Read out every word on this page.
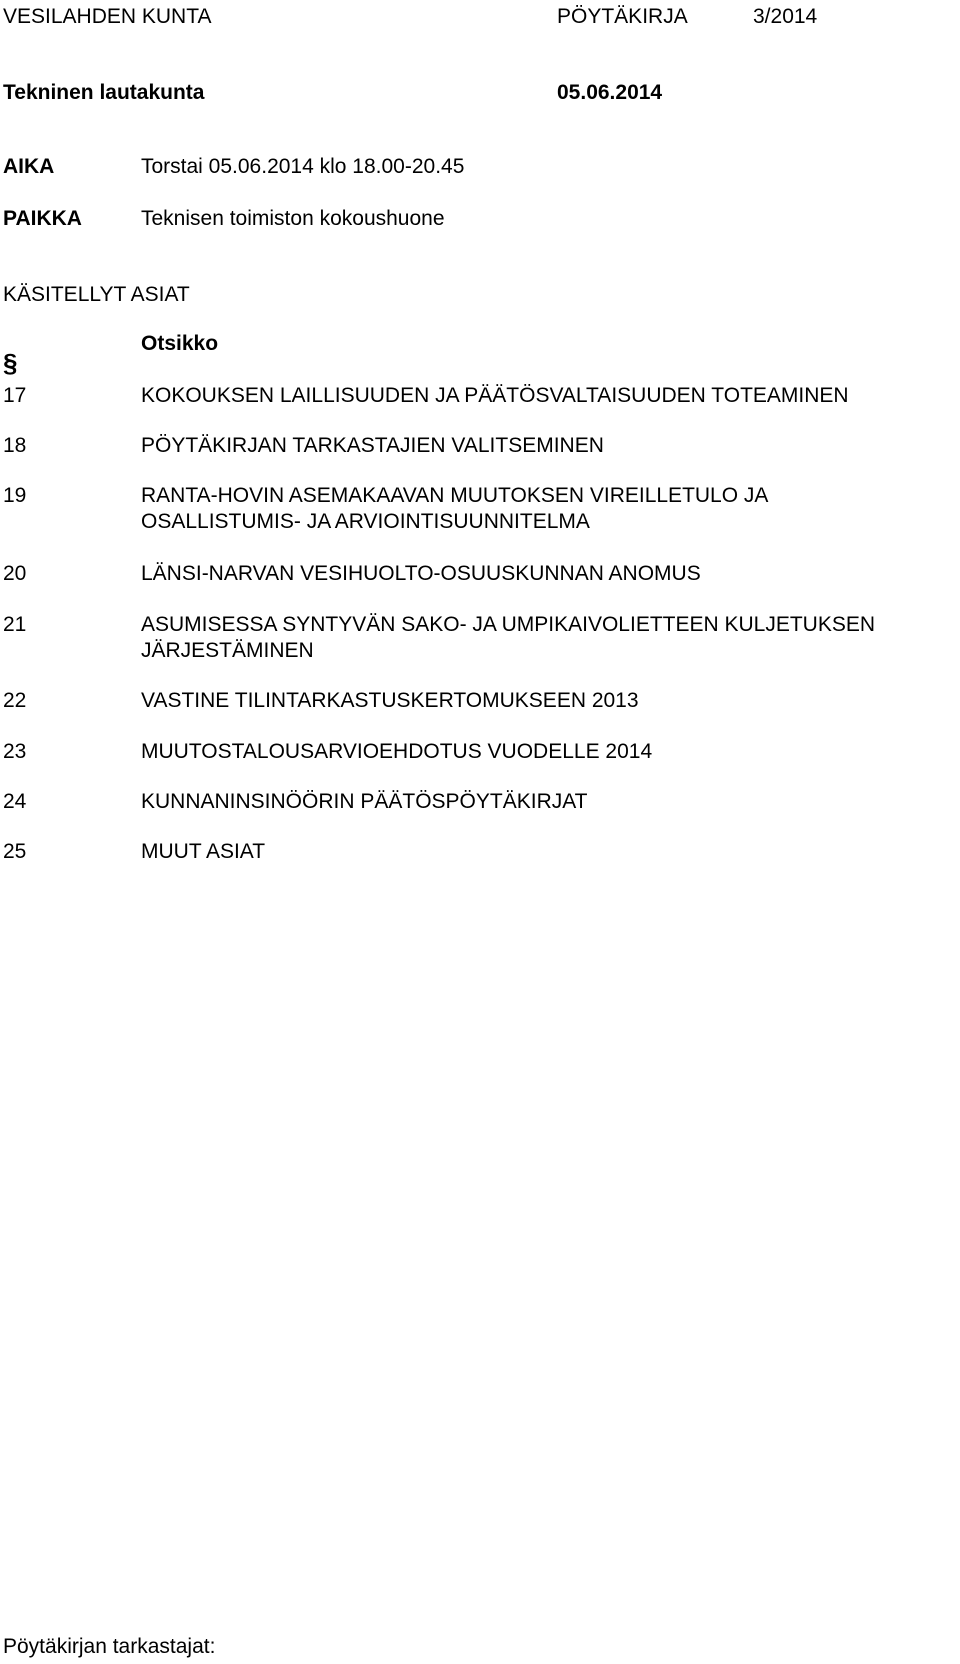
VESILAHDEN KUNTA	PÖYTÄKIRJA	3/2014
Tekninen lautakunta	05.06.2014
AIKA	Torstai 05.06.2014 klo 18.00-20.45
PAIKKA	Teknisen toimiston kokoushuone
KÄSITELLYT ASIAT
§
Otsikko
17	KOKOUKSEN LAILLISUUDEN JA PÄÄTÖSVALTAISUUDEN TOTEAMINEN
18	PÖYTÄKIRJAN TARKASTAJIEN VALITSEMINEN
19	RANTA-HOVIN ASEMAKAAVAN MUUTOKSEN VIREILLETULO JA
OSALLISTUMIS- JA ARVIOINTISUUNNITELMA
20	LÄNSI-NARVAN VESIHUOLTO-OSUUSKUNNAN ANOMUS
21	ASUMISESSA SYNTYVÄN SAKO- JA UMPIKAIVOLIETTEEN KULJETUKSEN
JÄRJESTÄMINEN
22	VASTINE TILINTARKASTUSKERTOMUKSEEN 2013
23	MUUTOSTALOUSARVIOEHDOTUS VUODELLE 2014
24	KUNNANINSINÖÖRIN PÄÄTÖSPÖYTÄKIRJAT
25	MUUT ASIAT
Pöytäkirjan tarkastajat:
